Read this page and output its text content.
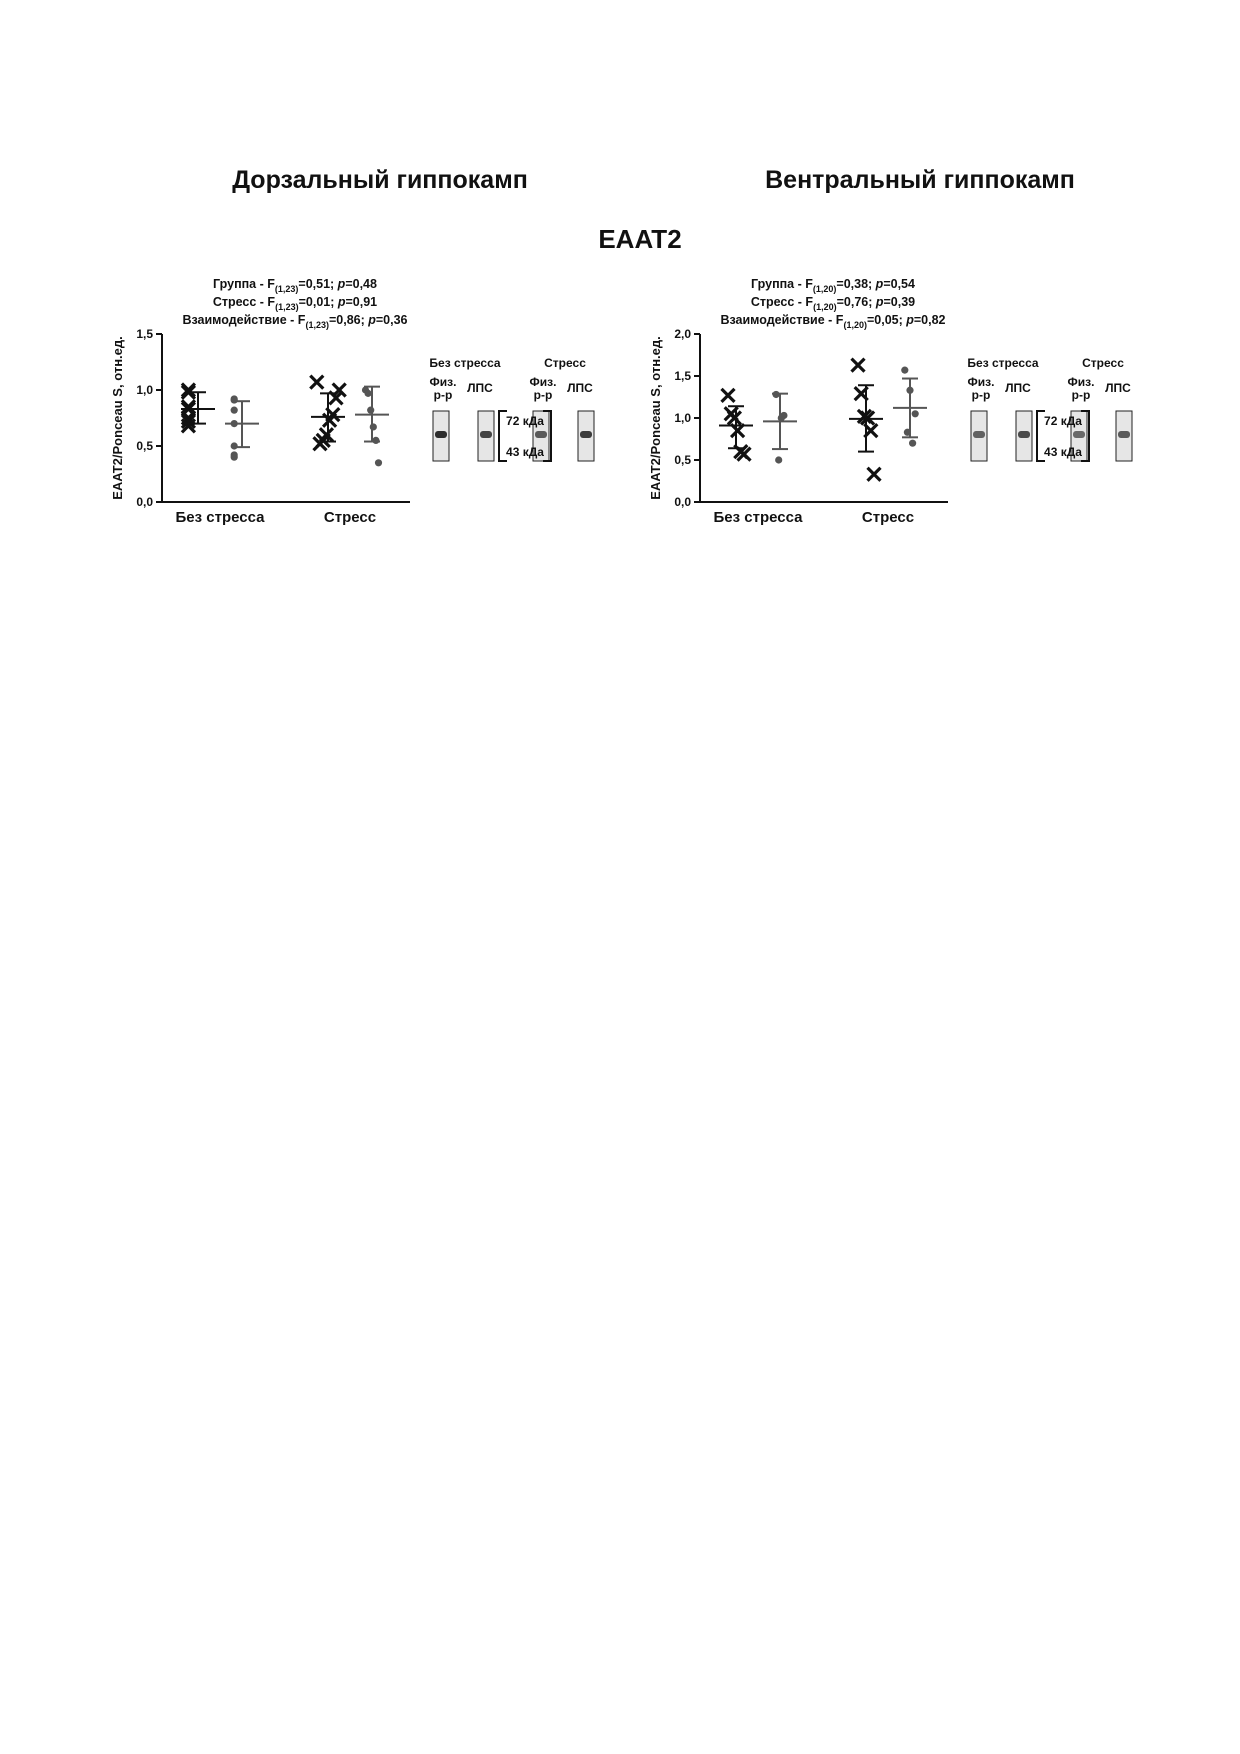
Дорзальный гиппокамп	Вентральный гиппокамп
EAAT2
Группа - $F_{(1,23)}=0,51$; p=0,48
Стресс - $F_{(1,23)}=0,01$; p=0,91
Взаимодействие - $F_{(1,23)}=0,86$; p=0,36
0,0
0,5
1,0
1,5
EAAT2/Ponceau S, отн.ед.
Без стресса	Стресс
Без стресса	Стресс
Физ.
р-р ЛПС	Физ.
р-р ЛПС
72 кДа
43 кДа
Группа - $F_{(1,20)}=0,38$; p=0,54
Стресс - $F_{(1,20)}=0,76$; p=0,39
Взаимодействие - $F_{(1,20)}=0,05$; p=0,82
0,0
0,5
1,0
1,5
2,0
EAAT2/Ponceau S, отн.ед.
Без стресса	Стресс
Без стресса	Стресс
Физ.
р-р ЛПС	Физ.
р-р ЛПС
72 кДа
43 кДа
